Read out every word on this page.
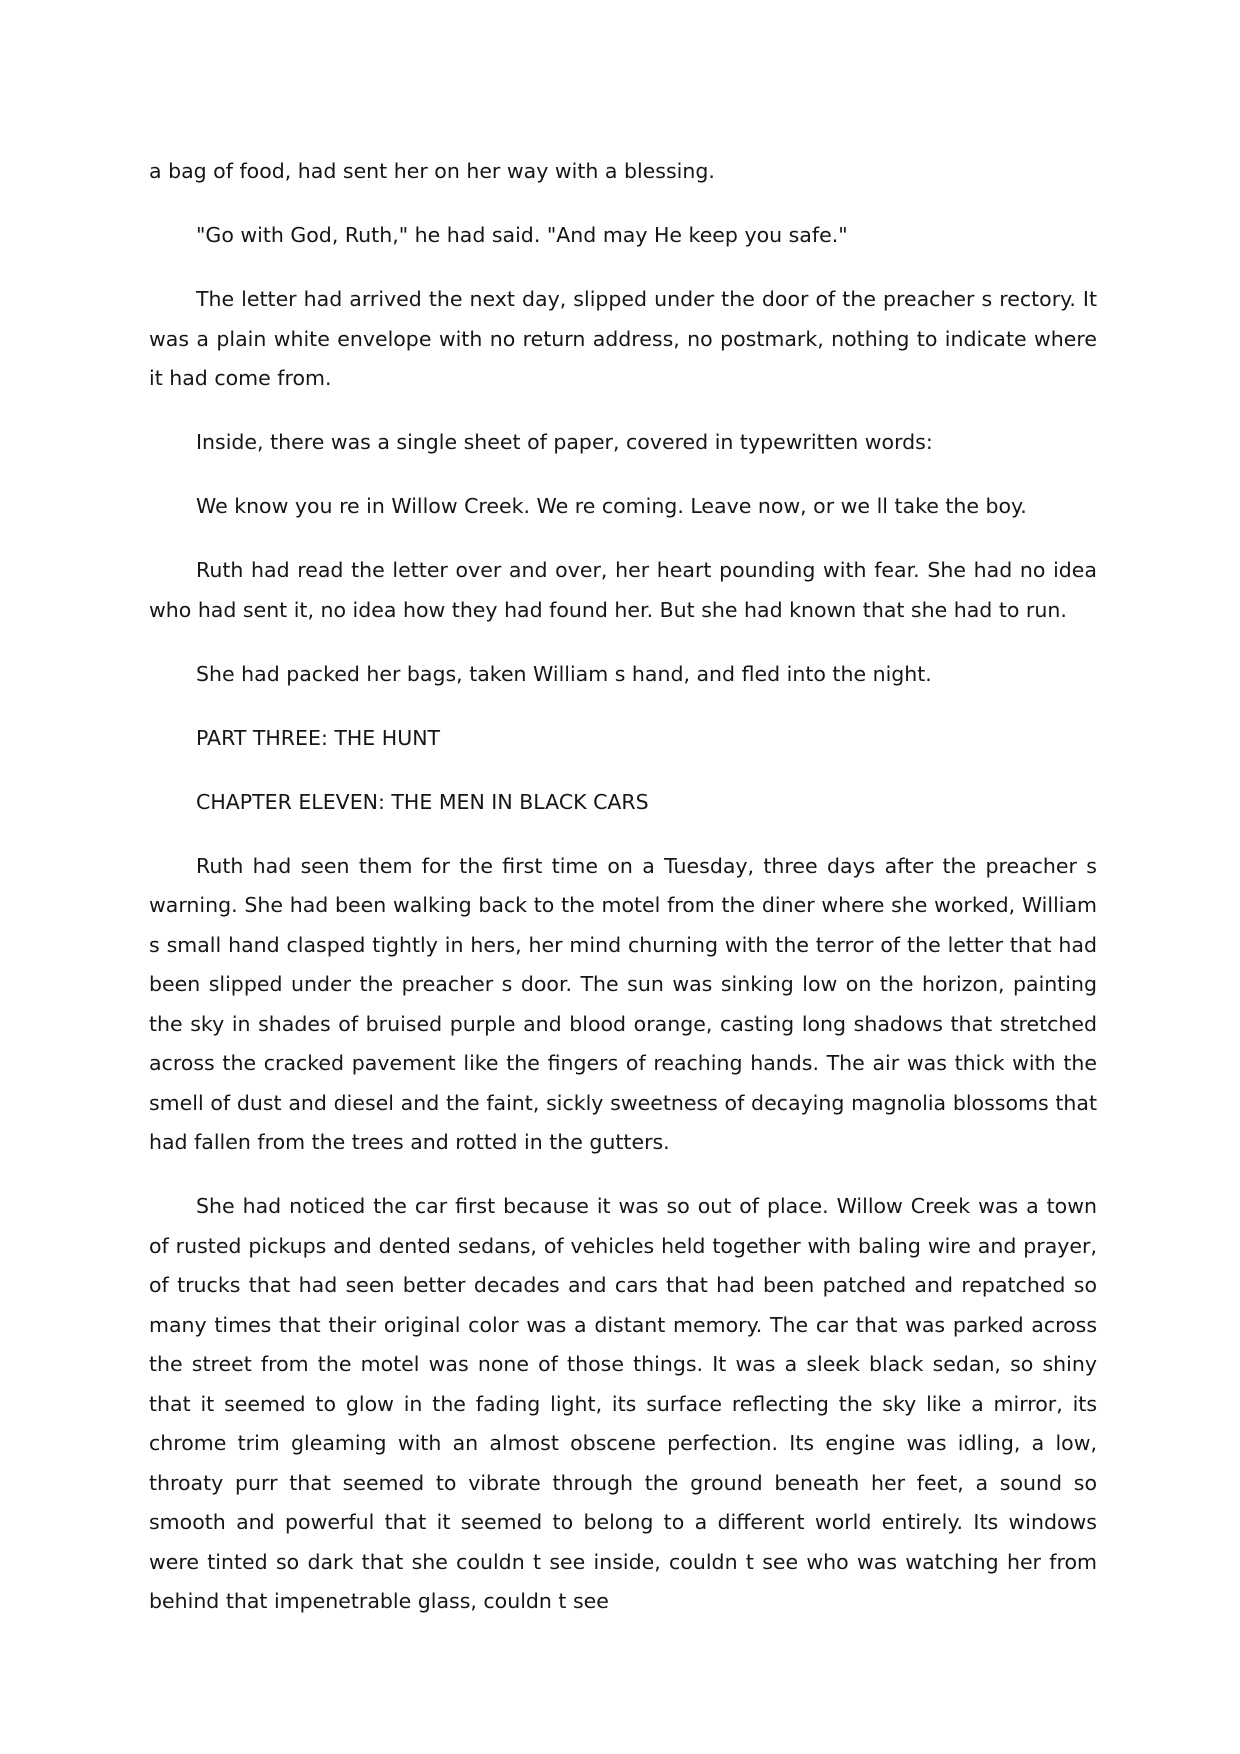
a bag of food, had sent her on her way with a blessing.

"Go with God, Ruth," he had said. "And may He keep you safe."

The letter had arrived the next day, slipped under the door of the preacher s rectory. It was a plain white envelope with no return address, no postmark, nothing to indicate where it had come from.

Inside, there was a single sheet of paper, covered in typewritten words:

We know you re in Willow Creek. We re coming. Leave now, or we ll take the boy.

Ruth had read the letter over and over, her heart pounding with fear. She had no idea who had sent it, no idea how they had found her. But she had known that she had to run.

She had packed her bags, taken William s hand, and fled into the night.

PART THREE: THE HUNT

CHAPTER ELEVEN: THE MEN IN BLACK CARS

Ruth had seen them for the first time on a Tuesday, three days after the preacher s warning. She had been walking back to the motel from the diner where she worked, William s small hand clasped tightly in hers, her mind churning with the terror of the letter that had been slipped under the preacher s door. The sun was sinking low on the horizon, painting the sky in shades of bruised purple and blood orange, casting long shadows that stretched across the cracked pavement like the fingers of reaching hands. The air was thick with the smell of dust and diesel and the faint, sickly sweetness of decaying magnolia blossoms that had fallen from the trees and rotted in the gutters.

She had noticed the car first because it was so out of place. Willow Creek was a town of rusted pickups and dented sedans, of vehicles held together with baling wire and prayer, of trucks that had seen better decades and cars that had been patched and repatched so many times that their original color was a distant memory. The car that was parked across the street from the motel was none of those things. It was a sleek black sedan, so shiny that it seemed to glow in the fading light, its surface reflecting the sky like a mirror, its chrome trim gleaming with an almost obscene perfection. Its engine was idling, a low, throaty purr that seemed to vibrate through the ground beneath her feet, a sound so smooth and powerful that it seemed to belong to a different world entirely. Its windows were tinted so dark that she couldn t see inside, couldn t see who was watching her from behind that impenetrable glass, couldn t see
